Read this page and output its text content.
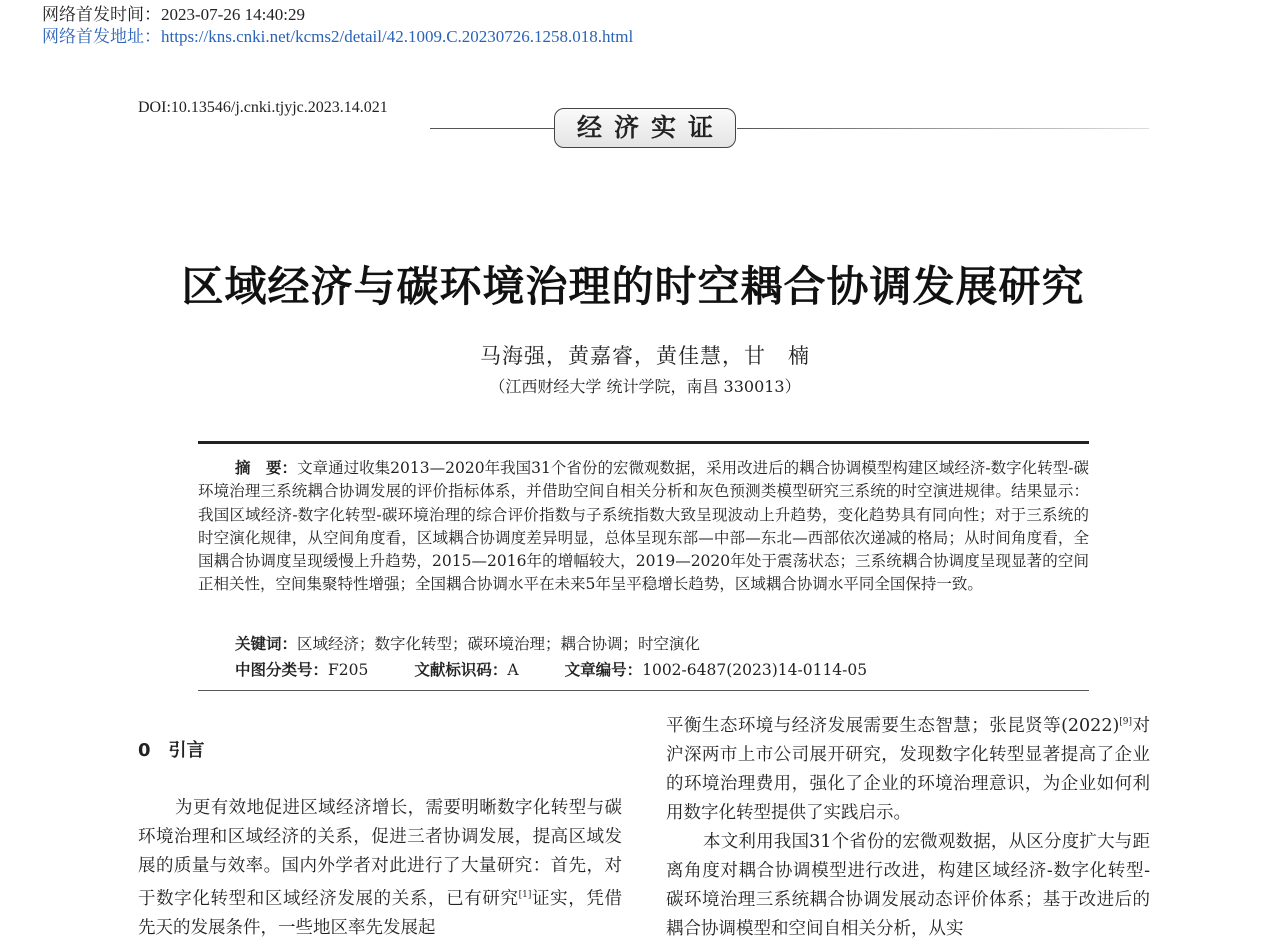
网络首发时间：2023-07-26 14:40:29
网络首发地址：https://kns.cnki.net/kcms2/detail/42.1009.C.20230726.1258.018.html
DOI:10.13546/j.cnki.tjyjc.2023.14.021
经济实证
区域经济与碳环境治理的时空耦合协调发展研究
马海强，黄嘉睿，黄佳慧，甘　楠
（江西财经大学 统计学院，南昌 330013）
摘　要：文章通过收集2013—2020年我国31个省份的宏微观数据，采用改进后的耦合协调模型构建区域经济-数字化转型-碳环境治理三系统耦合协调发展的评价指标体系，并借助空间自相关分析和灰色预测类模型研究三系统的时空演进规律。结果显示：我国区域经济-数字化转型-碳环境治理的综合评价指数与子系统指数大致呈现波动上升趋势，变化趋势具有同向性；对于三系统的时空演化规律，从空间角度看，区域耦合协调度差异明显，总体呈现东部—中部—东北—西部依次递减的格局；从时间角度看，全国耦合协调度呈现缓慢上升趋势，2015—2016年的增幅较大，2019—2020年处于震荡状态；三系统耦合协调度呈现显著的空间正相关性，空间集聚特性增强；全国耦合协调水平在未来5年呈平稳增长趋势，区域耦合协调水平同全国保持一致。
关键词：区域经济；数字化转型；碳环境治理；耦合协调；时空演化
中图分类号：F205	文献标识码：A	文章编号：1002-6487(2023)14-0114-05
0　引言

为更有效地促进区域经济增长，需要明晰数字化转型与碳环境治理和区域经济的关系，促进三者协调发展，提高区域发展的质量与效率。国内外学者对此进行了大量研究：首先，对于数字化转型和区域经济发展的关系，已有研究[1]证实，凭借先天的发展条件，一些地区率先发展起

平衡生态环境与经济发展需要生态智慧；张昆贤等(2022)[9]对沪深两市上市公司展开研究，发现数字化转型显著提高了企业的环境治理费用，强化了企业的环境治理意识，为企业如何利用数字化转型提供了实践启示。

本文利用我国31个省份的宏微观数据，从区分度扩大与距离角度对耦合协调模型进行改进，构建区域经济-数字化转型-碳环境治理三系统耦合协调发展动态评价体系；基于改进后的耦合协调模型和空间自相关分析，从实
